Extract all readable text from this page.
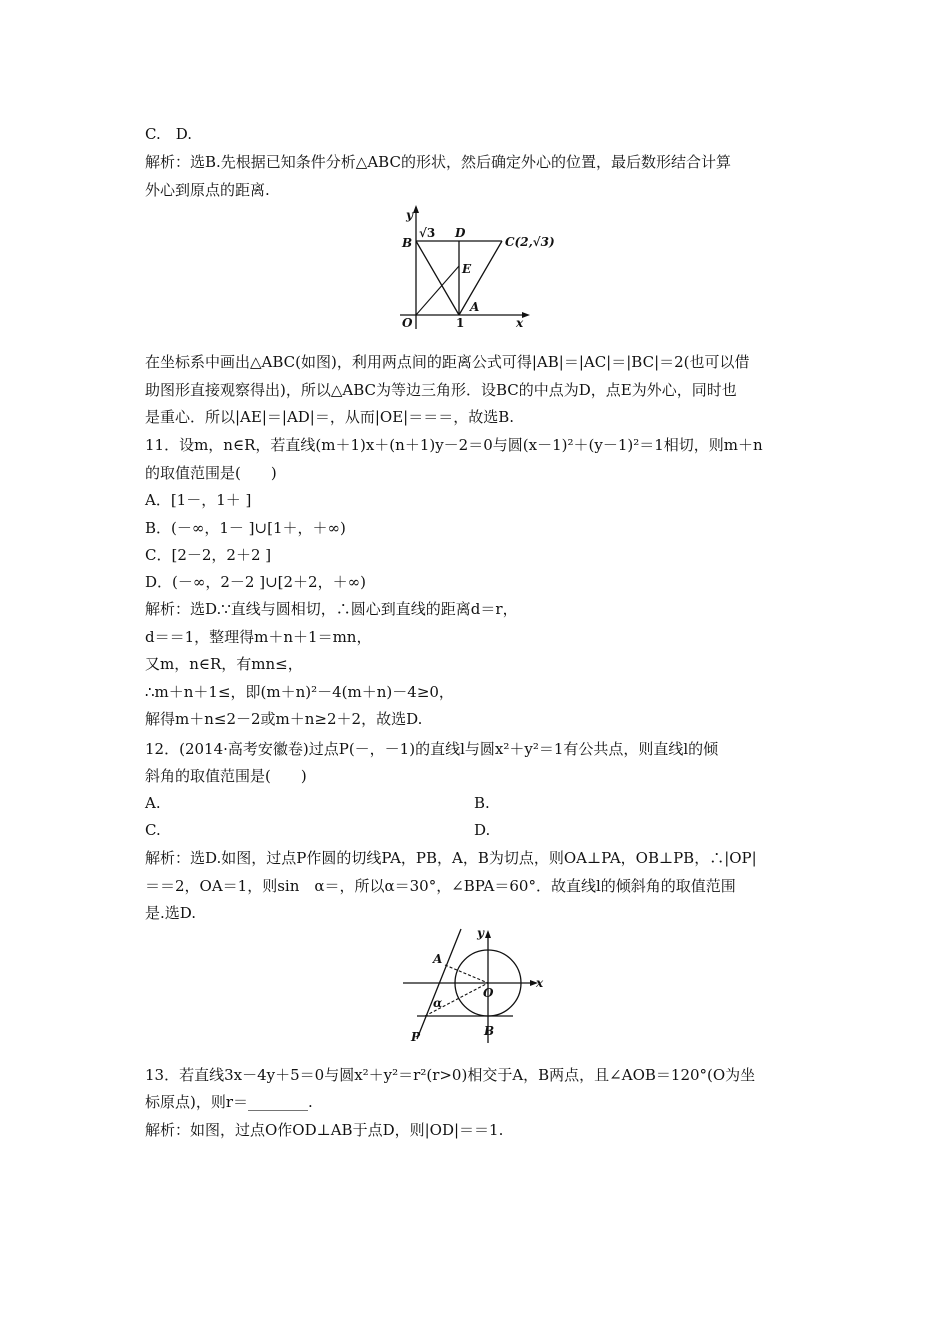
C.　D.
解析：选B.先根据已知条件分析△ABC的形状，然后确定外心的位置，最后数形结合计算
外心到原点的距离.
y
B
√3 D
C(2,√3)
E
A
O	1	x
在坐标系中画出△ABC(如图)，利用两点间的距离公式可得|AB|＝|AC|＝|BC|＝2(也可以借
助图形直接观察得出)，所以△ABC为等边三角形．设BC的中点为D，点E为外心，同时也
是重心．所以|AE|＝|AD|＝，从而|OE|＝＝＝，故选B.
11．设m，n∈R，若直线(m＋1)x＋(n＋1)y－2＝0与圆(x－1)²＋(y－1)²＝1相切，则m＋n
的取值范围是(　　)
A．[1－，1＋ ]
B．(－∞，1－ ]∪[1＋，＋∞)
C．[2－2，2＋2 ]
D．(－∞，2－2 ]∪[2＋2，＋∞)
解析：选D.∵直线与圆相切，∴圆心到直线的距离d＝r，
d＝＝1，整理得m＋n＋1＝mn，
又m，n∈R，有mn≤，
∴m＋n＋1≤，即(m＋n)²－4(m＋n)－4≥0，
解得m＋n≤2－2或m＋n≥2＋2，故选D.
12．(2014·高考安徽卷)过点P(－，－1)的直线l与圆x²＋y²＝1有公共点，则直线l的倾
斜角的取值范围是(　　)
A.	B.
C.	D.
解析：选D.如图，过点P作圆的切线PA，PB，A，B为切点，则OA⊥PA，OB⊥PB，∴|OP|
＝＝2，OA＝1，则sin　α＝，所以α＝30°，∠BPA＝60°．故直线l的倾斜角的取值范围
是.选D.
A
y
x
O
α
P	B
13．若直线3x－4y＋5＝0与圆x²＋y²＝r²(r>0)相交于A，B两点，且∠AOB＝120°(O为坐
标原点)，则r＝________.
解析：如图，过点O作OD⊥AB于点D，则|OD|＝＝1.
